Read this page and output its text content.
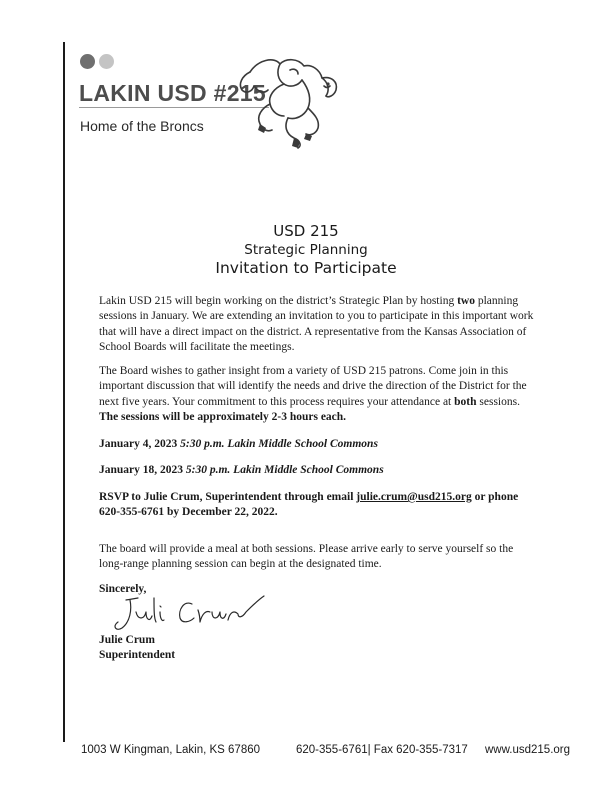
LAKIN USD #215
Home of the Broncs
USD 215
Strategic Planning
Invitation to Participate
Lakin USD 215 will begin working on the district’s Strategic Plan by hosting two planning sessions in January. We are extending an invitation to you to participate in this important work that will have a direct impact on the district. A representative from the Kansas Association of School Boards will facilitate the meetings.
The Board wishes to gather insight from a variety of USD 215 patrons. Come join in this important discussion that will identify the needs and drive the direction of the District for the next five years. Your commitment to this process requires your attendance at both sessions. The sessions will be approximately 2-3 hours each.
January 4, 2023 5:30 p.m. Lakin Middle School Commons
January 18, 2023 5:30 p.m. Lakin Middle School Commons
RSVP to Julie Crum, Superintendent through email julie.crum@usd215.org or phone 620-355-6761 by December 22, 2022.
The board will provide a meal at both sessions. Please arrive early to serve yourself so the long-range planning session can begin at the designated time.
Sincerely,
Julie Crum
Superintendent
1003 W Kingman, Lakin, KS 67860	620-355-6761| Fax 620-355-7317 www.usd215.org
